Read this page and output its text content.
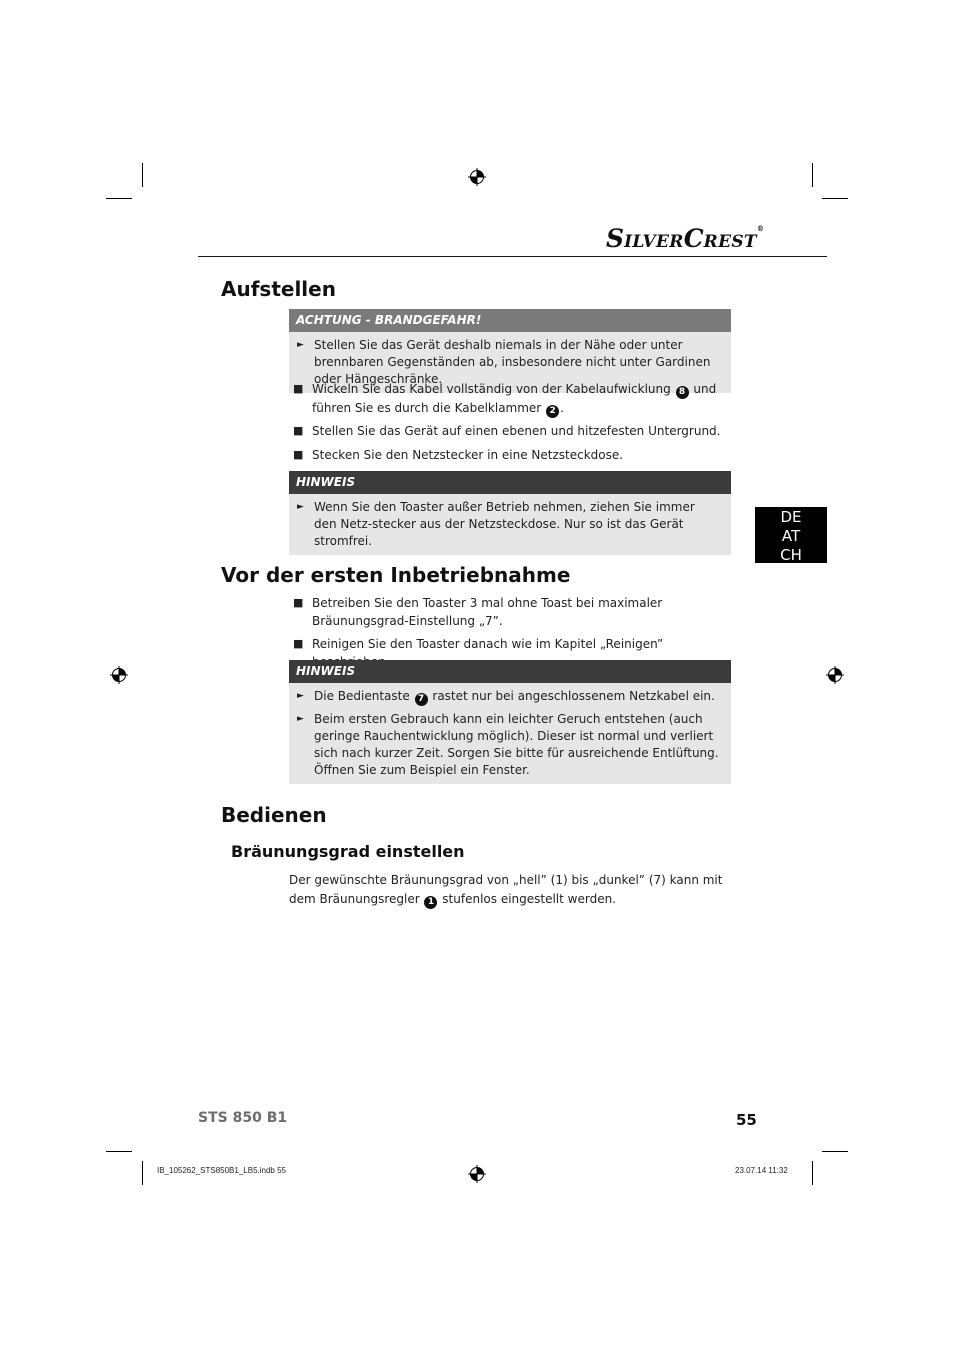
SILVERCREST®
DE
AT
CH
Aufstellen
ACHTUNG - BRANDGEFAHR!
► Stellen Sie das Gerät deshalb niemals in der Nähe oder unter brennbaren Gegenständen ab, insbesondere nicht unter Gardinen oder Hängeschränke.
■ Wickeln Sie das Kabel vollständig von der Kabelaufwicklung 8 und führen Sie es durch die Kabelklammer 2 .
■ Stellen Sie das Gerät auf einen ebenen und hitzefesten Untergrund.
■ Stecken Sie den Netzstecker in eine Netzsteckdose.
HINWEIS
► Wenn Sie den Toaster außer Betrieb nehmen, ziehen Sie immer den Netz-stecker aus der Netzsteckdose. Nur so ist das Gerät stromfrei.
Vor der ersten Inbetriebnahme
■ Betreiben Sie den Toaster 3 mal ohne Toast bei maximaler Bräunungsgrad-Einstellung „7”.
■ Reinigen Sie den Toaster danach wie im Kapitel „Reinigen”
HINWEIS
► Die Bedientaste 7 rastet nur bei angeschlossenem Netzkabel ein.
► Beim ersten Gebrauch kann ein leichter Geruch entstehen (auch geringe Rauchentwicklung möglich). Dieser ist normal und verliert sich nach kurzer Zeit. Sorgen Sie bitte für ausreichende Entlüftung. Öffnen Sie zum Beispiel ein Fenster.
Bedienen
Bräunungsgrad einstellen
Der gewünschte Bräunungsgrad von „hell” (1) bis „dunkel” (7) kann mit dem Bräunungsregler 1 stufenlos eingestellt werden.
STS 850 B1	55
IB_105262_STS850B1_LB5.indb 55	23.07.14 11:32
